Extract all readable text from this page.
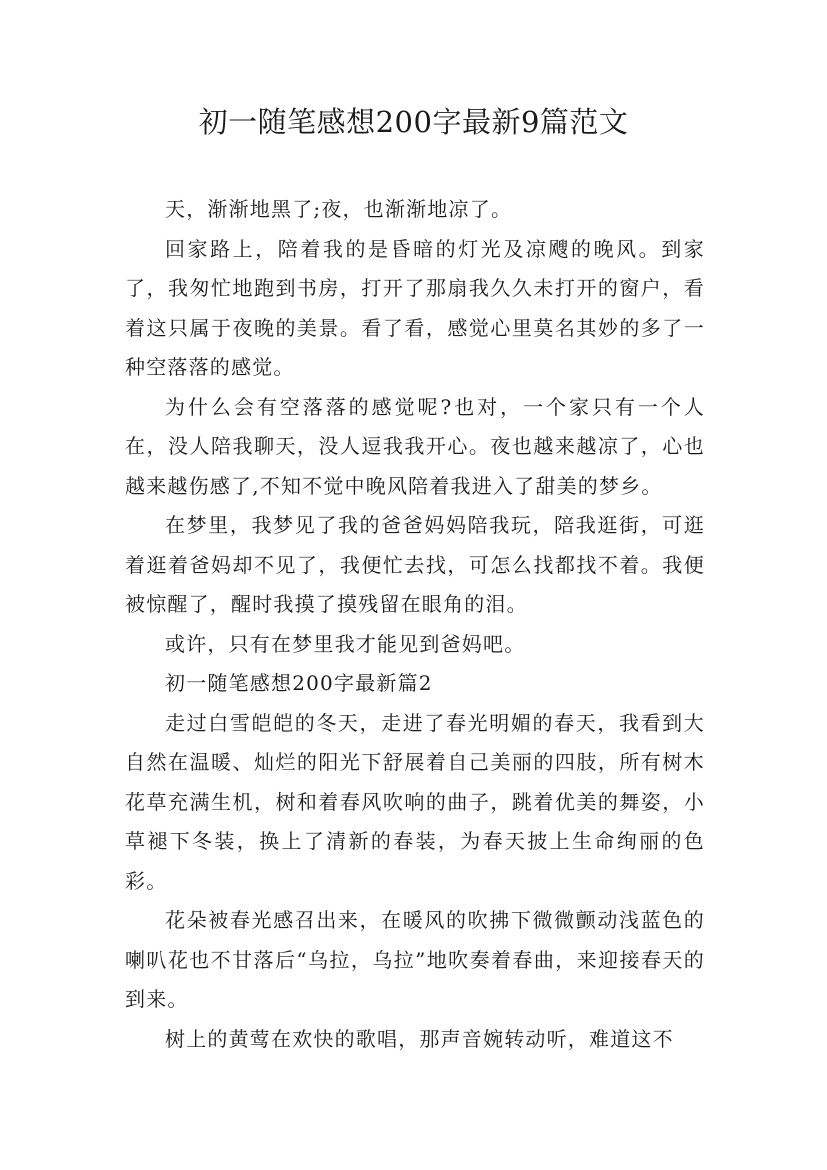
初一随笔感想200字最新9篇范文

天，渐渐地黑了;夜，也渐渐地凉了。

回家路上，陪着我的是昏暗的灯光及凉飕的晚风。到家了，我匆忙地跑到书房，打开了那扇我久久未打开的窗户，看着这只属于夜晚的美景。看了看，感觉心里莫名其妙的多了一种空落落的感觉。

为什么会有空落落的感觉呢?也对，一个家只有一个人在，没人陪我聊天，没人逗我我开心。夜也越来越凉了，心也越来越伤感了,不知不觉中晚风陪着我进入了甜美的梦乡。

在梦里，我梦见了我的爸爸妈妈陪我玩，陪我逛街，可逛着逛着爸妈却不见了，我便忙去找，可怎么找都找不着。我便被惊醒了，醒时我摸了摸残留在眼角的泪。

或许，只有在梦里我才能见到爸妈吧。

初一随笔感想200字最新篇2

走过白雪皑皑的冬天，走进了春光明媚的春天，我看到大自然在温暖、灿烂的阳光下舒展着自己美丽的四肢，所有树木花草充满生机，树和着春风吹响的曲子，跳着优美的舞姿，小草褪下冬装，换上了清新的春装，为春天披上生命绚丽的色彩。

花朵被春光感召出来，在暖风的吹拂下微微颤动浅蓝色的喇叭花也不甘落后“乌拉，乌拉”地吹奏着春曲，来迎接春天的到来。

树上的黄莺在欢快的歌唱，那声音婉转动听，难道这不
